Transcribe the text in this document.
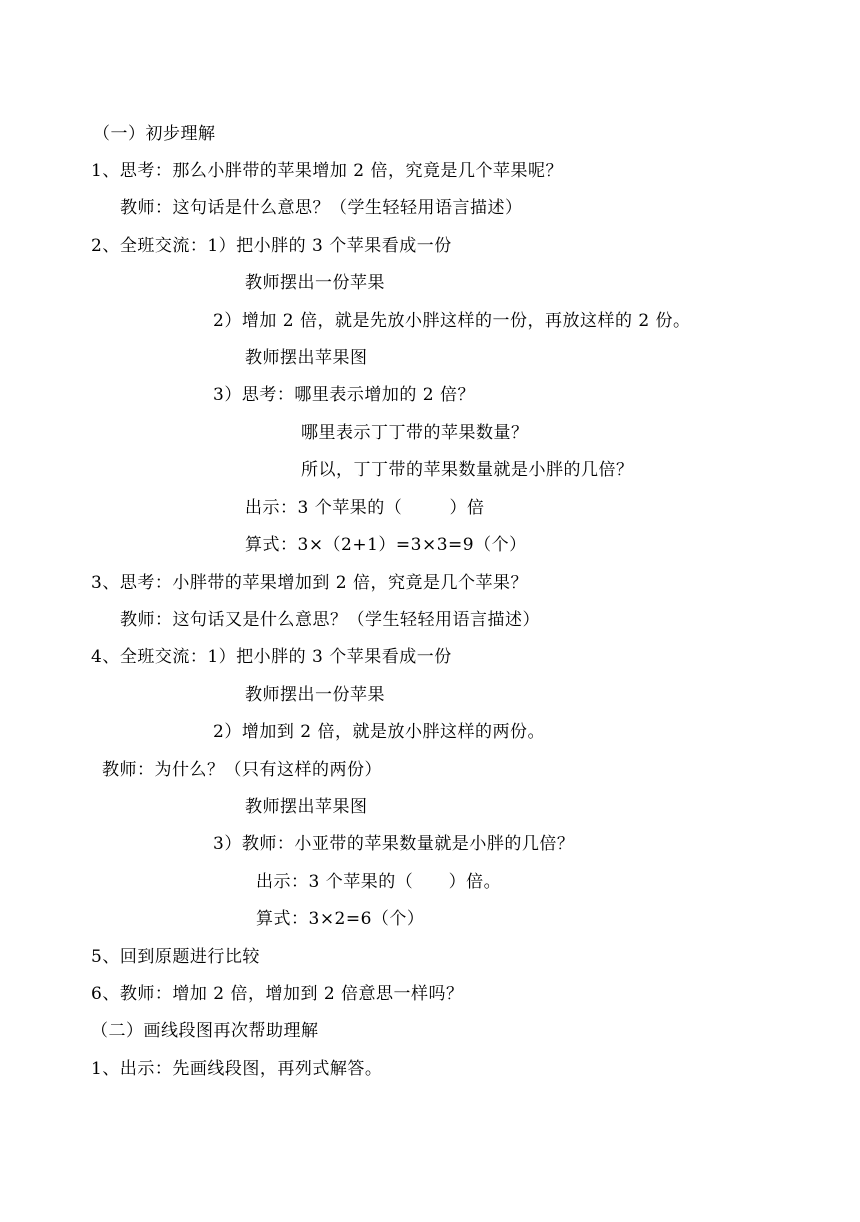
（一）初步理解
1、思考：那么小胖带的苹果增加 2 倍，究竟是几个苹果呢？
教师：这句话是什么意思？（学生轻轻用语言描述）
2、全班交流：1）把小胖的 3 个苹果看成一份
教师摆出一份苹果
2）增加 2 倍，就是先放小胖这样的一份，再放这样的 2 份。
教师摆出苹果图
3）思考：哪里表示增加的 2 倍？
哪里表示丁丁带的苹果数量？
所以，丁丁带的苹果数量就是小胖的几倍？
出示：3 个苹果的（        ）倍
算式：3×（2+1）=3×3=9（个）
3、思考：小胖带的苹果增加到 2 倍，究竟是几个苹果？
教师：这句话又是什么意思？（学生轻轻用语言描述）
4、全班交流：1）把小胖的 3 个苹果看成一份
教师摆出一份苹果
2）增加到 2 倍，就是放小胖这样的两份。
教师：为什么？（只有这样的两份）
教师摆出苹果图
3）教师：小亚带的苹果数量就是小胖的几倍？
出示：3 个苹果的（      ）倍。
算式：3×2=6（个）
5、回到原题进行比较
6、教师：增加 2 倍，增加到 2 倍意思一样吗？
（二）画线段图再次帮助理解
1、出示：先画线段图，再列式解答。
